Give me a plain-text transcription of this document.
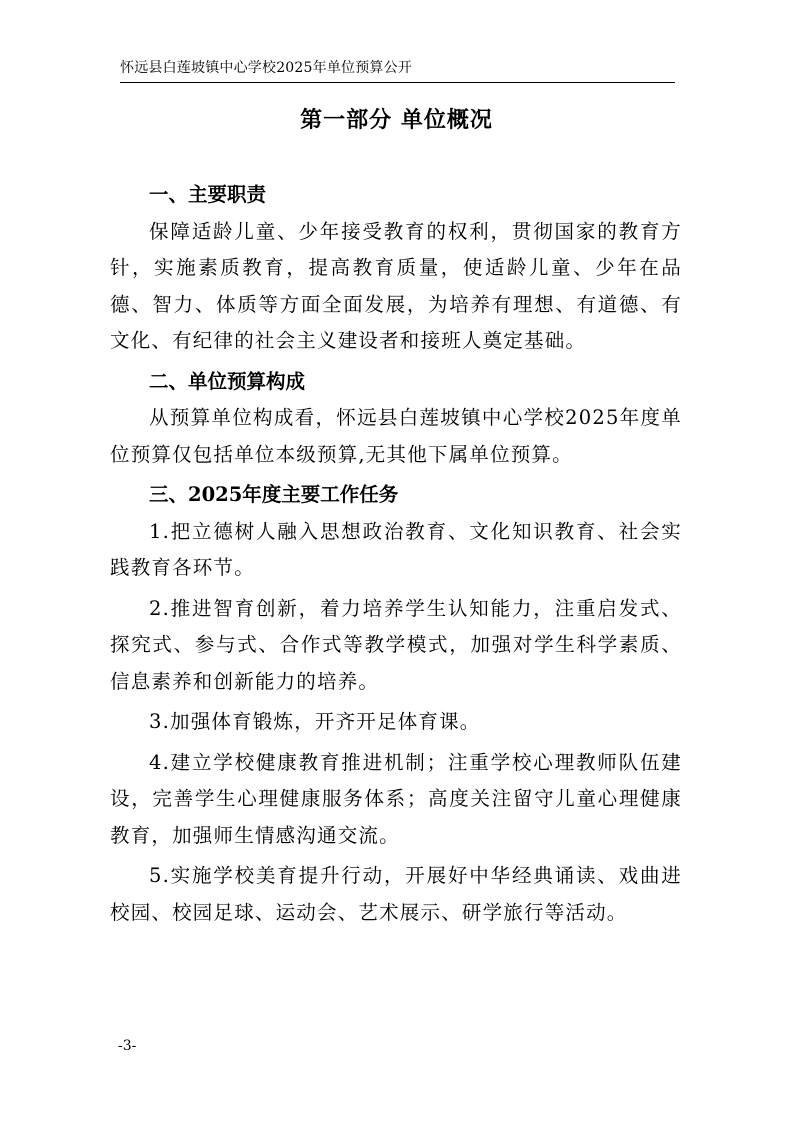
怀远县白莲坡镇中心学校2025年单位预算公开
第一部分 单位概况

一、主要职责

保障适龄儿童、少年接受教育的权利，贯彻国家的教育方针，实施素质教育，提高教育质量，使适龄儿童、少年在品德、智力、体质等方面全面发展，为培养有理想、有道德、有文化、有纪律的社会主义建设者和接班人奠定基础。

二、单位预算构成

从预算单位构成看，怀远县白莲坡镇中心学校2025年度单位预算仅包括单位本级预算,无其他下属单位预算。

三、2025年度主要工作任务

1.把立德树人融入思想政治教育、文化知识教育、社会实践教育各环节。

2.推进智育创新，着力培养学生认知能力，注重启发式、探究式、参与式、合作式等教学模式，加强对学生科学素质、信息素养和创新能力的培养。

3.加强体育锻炼，开齐开足体育课。

4.建立学校健康教育推进机制；注重学校心理教师队伍建设，完善学生心理健康服务体系；高度关注留守儿童心理健康教育，加强师生情感沟通交流。

5.实施学校美育提升行动，开展好中华经典诵读、戏曲进校园、校园足球、运动会、艺术展示、研学旅行等活动。

-3-
